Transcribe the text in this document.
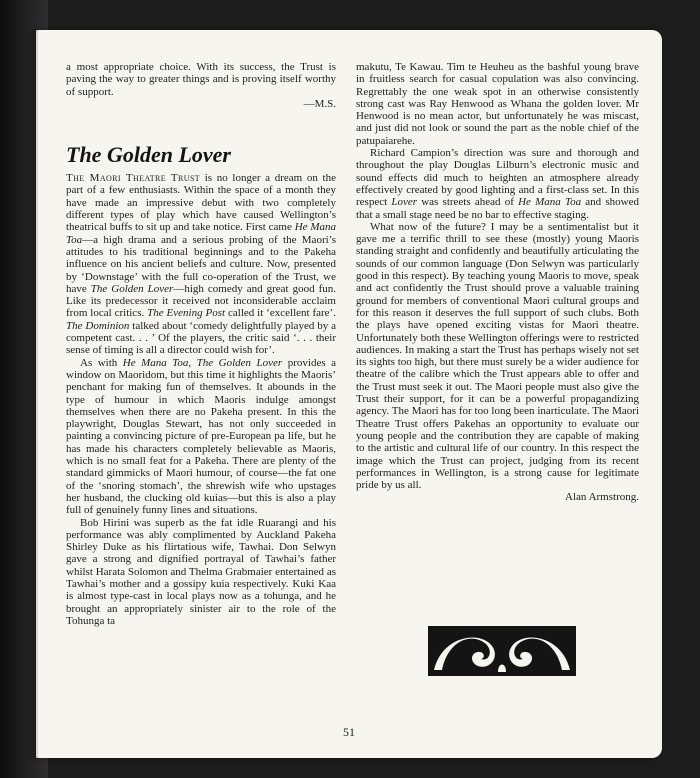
a most appropriate choice. With its success, the Trust is paving the way to greater things and is proving itself worthy of support.

—M.S.

The Golden Lover

The Maori Theatre Trust is no longer a dream on the part of a few enthusiasts. Within the space of a month they have made an impressive debut with two completely different types of play which have caused Wellington’s theatrical buffs to sit up and take notice. First came He Mana Toa—a high drama and a serious probing of the Maori’s attitudes to his traditional beginnings and to the Pakeha influence on his ancient beliefs and culture. Now, presented by ‘Downstage’ with the full co-operation of the Trust, we have The Golden Lover—high comedy and great good fun. Like its predecessor it received not inconsiderable acclaim from local critics. The Evening Post called it ‘excellent fare’. The Dominion talked about ‘comedy delightfully played by a competent cast. . . ’ Of the players, the critic said ‘. . . their sense of timing is all a director could wish for’.

As with He Mana Toa, The Golden Lover provides a window on Maoridom, but this time it highlights the Maoris’ penchant for making fun of themselves. It abounds in the type of humour in which Maoris indulge amongst themselves when there are no Pakeha present. In this the playwright, Douglas Stewart, has not only succeeded in painting a convincing picture of pre-European pa life, but he has made his characters completely believable as Maoris, which is no small feat for a Pakeha. There are plenty of the standard gimmicks of Maori humour, of course—the fat one of the ‘snoring stomach’, the shrewish wife who upstages her husband, the clucking old kuias—but this is also a play full of genuinely funny lines and situations.

Bob Hirini was superb as the fat idle Ruarangi and his performance was ably complimented by Auckland Pakeha Shirley Duke as his flirtatious wife, Tawhai. Don Selwyn gave a strong and dignified portrayal of Tawhai’s father whilst Harata Solomon and Thelma Grabmaier entertained as Tawhai’s mother and a gossipy kuia respectively. Kuki Kaa is almost type-cast in local plays now as a tohunga, and he brought an appropriately sinister air to the role of the Tohunga ta

makutu, Te Kawau. Tim te Heuheu as the bashful young brave in fruitless search for casual copulation was also convincing. Regrettably the one weak spot in an otherwise consistently strong cast was Ray Henwood as Whana the golden lover. Mr Henwood is no mean actor, but unfortunately he was miscast, and just did not look or sound the part as the noble chief of the patupaiarehe.

Richard Campion’s direction was sure and thorough and throughout the play Douglas Lilburn’s electronic music and sound effects did much to heighten an atmosphere already effectively created by good lighting and a first-class set. In this respect Lover was streets ahead of He Mana Toa and showed that a small stage need be no bar to effective staging.

What now of the future? I may be a sentimentalist but it gave me a terrific thrill to see these (mostly) young Maoris standing straight and confidently and beautifully articulating the sounds of our common language (Don Selwyn was particularly good in this respect). By teaching young Maoris to move, speak and act confidently the Trust should prove a valuable training ground for members of conventional Maori cultural groups and for this reason it deserves the full support of such clubs. Both the plays have opened exciting vistas for Maori theatre. Unfortunately both these Wellington offerings were to restricted audiences. In making a start the Trust has perhaps wisely not set its sights too high, but there must surely be a wider audience for theatre of the calibre which the Trust appears able to offer and the Trust must seek it out. The Maori people must also give the Trust their support, for it can be a powerful propagandizing agency. The Maori has for too long been inarticulate. The Maori Theatre Trust offers Pakehas an opportunity to evaluate our young people and the contribution they are capable of making to the artistic and cultural life of our country. In this respect the image which the Trust can project, judging from its recent performances in Wellington, is a strong cause for legitimate pride by us all.

Alan Armstrong.

51
